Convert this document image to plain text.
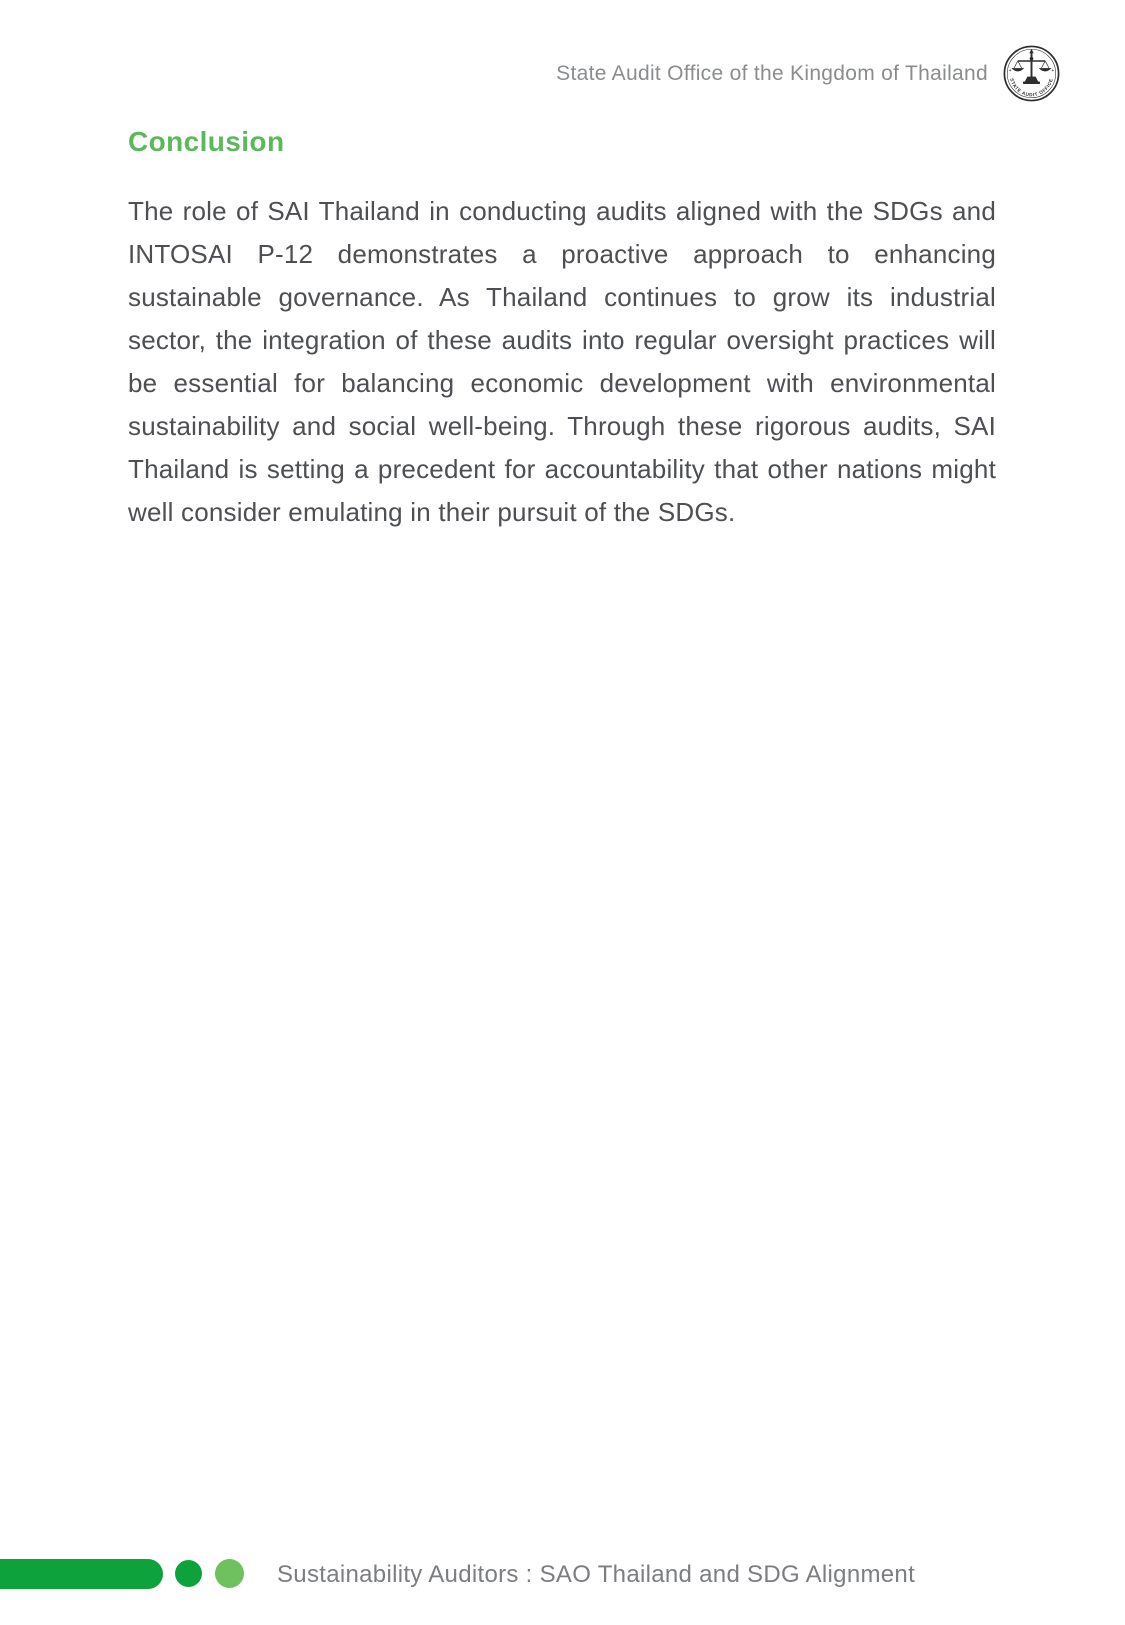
State Audit Office of the Kingdom of Thailand	STATE AUDIT OFFICE
+	+
Conclusion

The role of SAI Thailand in conducting audits aligned with the SDGs and INTOSAI P-12 demonstrates a proactive approach to enhancing sustainable governance. As Thailand continues to grow its industrial sector, the integration of these audits into regular oversight practices will be essential for balancing economic development with environmental sustainability and social well-being. Through these rigorous audits, SAI Thailand is setting a precedent for accountability that other nations might well consider emulating in their pursuit of the SDGs.

Sustainability Auditors : SAO Thailand and SDG Alignment
